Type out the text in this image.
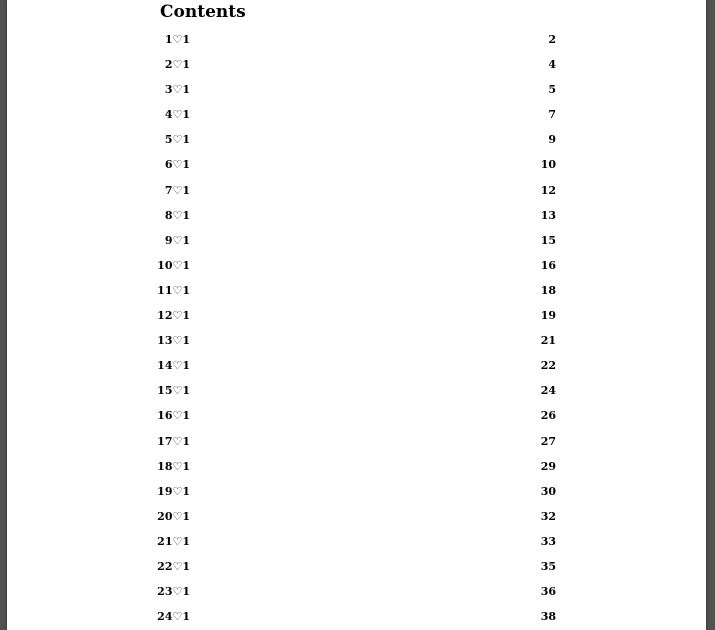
Contents
1♡1	2
2♡1	4
3♡1	5
4♡1	7
5♡1	9
6♡1	10
7♡1	12
8♡1	13
9♡1	15
10♡1	16
11♡1	18
12♡1	19
13♡1	21
14♡1	22
15♡1	24
16♡1	26
17♡1	27
18♡1	29
19♡1	30
20♡1	32
21♡1	33
22♡1	35
23♡1	36
24♡1	38
